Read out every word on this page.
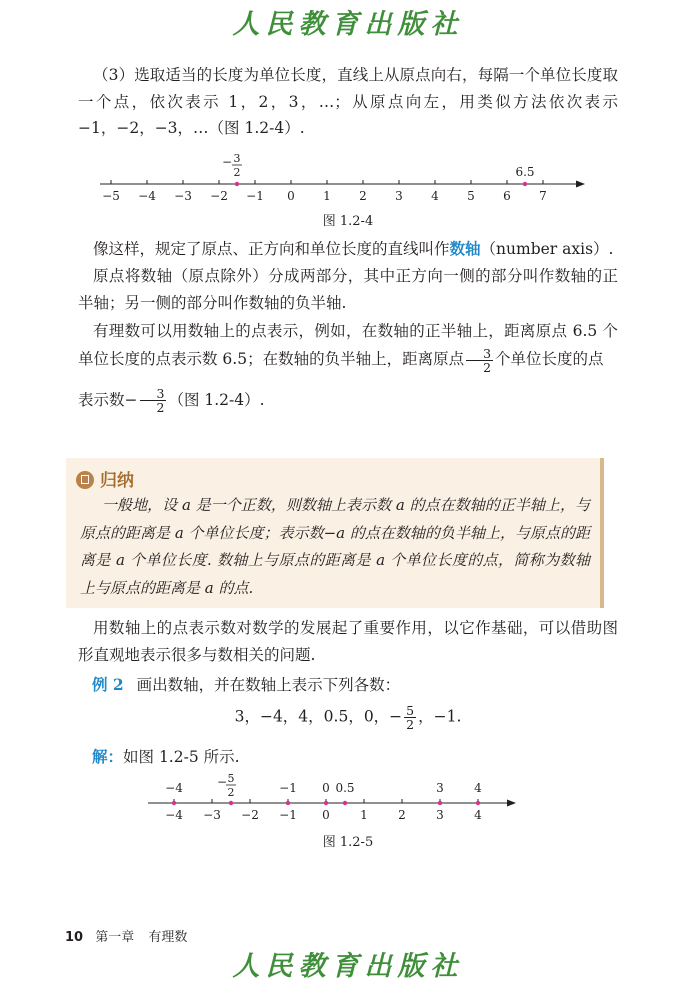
人民教育出版社
（3）选取适当的长度为单位长度，直线上从原点向右，每隔一个单位长度取一个点，依次表示 1，2，3，…；从原点向左，用类似方法依次表示 −1，−2，−3，…（图 1.2-4）.
−5 −4 −3 −2 −1 0 1 2 3 4 5 6 7
− 3
2	6.5
图 1.2-4
像这样，规定了原点、正方向和单位长度的直线叫作数轴（number axis）.
原点将数轴（原点除外）分成两部分，其中正方向一侧的部分叫作数轴的正半轴；另一侧的部分叫作数轴的负半轴.
有理数可以用数轴上的点表示，例如，在数轴的正半轴上，距离原点 6.5 个单位长度的点表示数 6.5；在数轴的负半轴上，距离原点 $\frac{3}{2}$ 个单位长度的点
表示数− $\frac{3}{2}$ （图 1.2-4）.
归纳
一般地，设 a 是一个正数，则数轴上表示数 a 的点在数轴的正半轴上，与原点的距离是 a 个单位长度；表示数−a 的点在数轴的负半轴上，与原点的距离是 a 个单位长度. 数轴上与原点的距离是 a 个单位长度的点，简称为数轴上与原点的距离是 a 的点.
用数轴上的点表示数对数学的发展起了重要作用，以它作基础，可以借助图形直观地表示很多与数相关的问题.
例 2 画出数轴，并在数轴上表示下列各数：
3，−4，4，0.5，0，− $\frac{5}{2}$ ，−1.
解：如图 1.2-5 所示.
−4 −3 −2 −1 0	1	2	3	4
−4	− 5
2	−1 0 0.5	3	4
图 1.2-5
10 第一章 有理数
人民教育出版社
